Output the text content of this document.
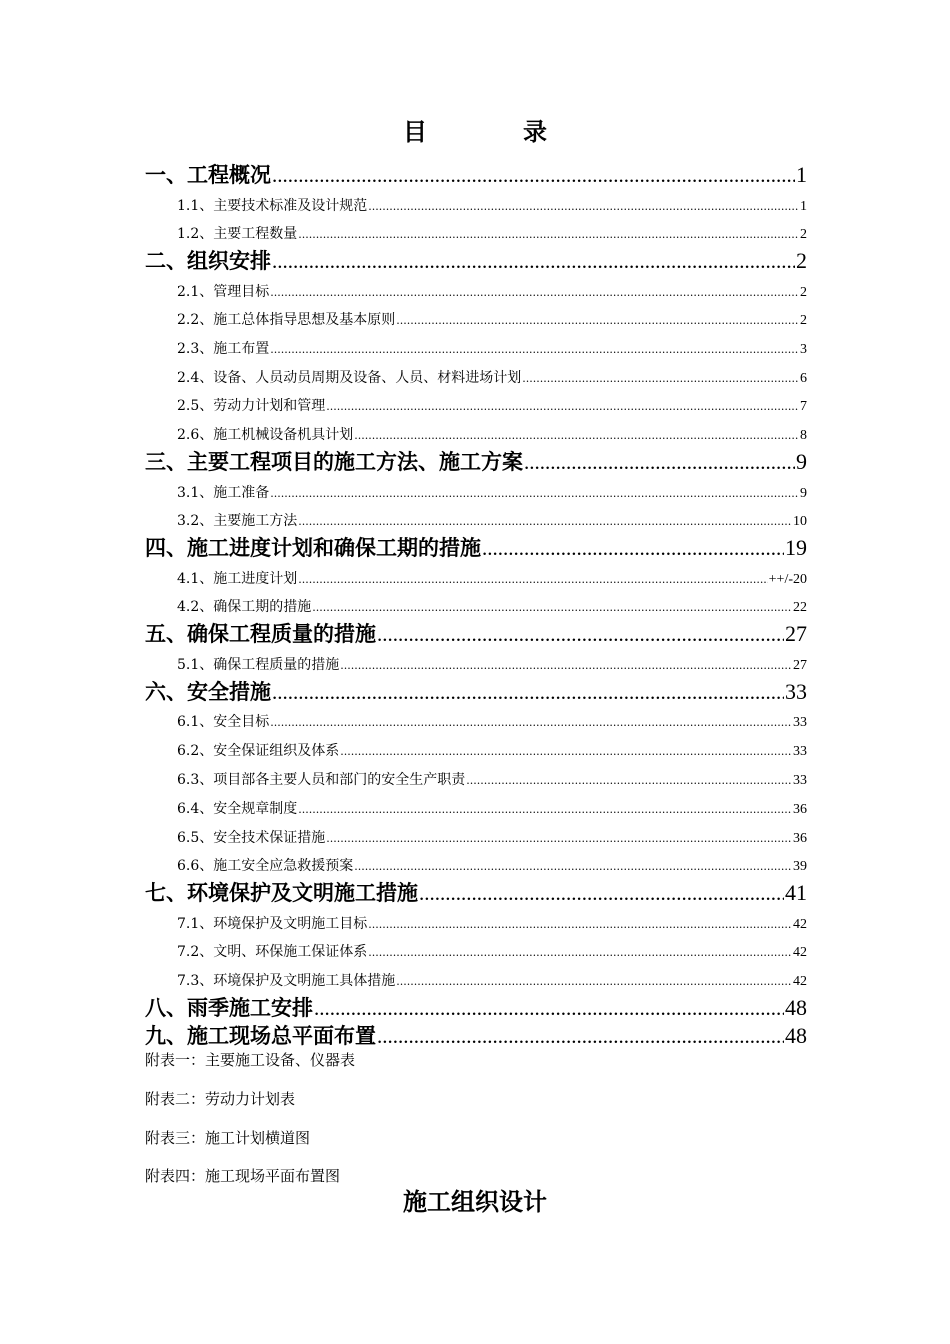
目　录
一、工程概况 .....	1
1.1、主要技术标准及设计规范 .....	1
1.2、主要工程数量 .....	2
二、组织安排 .....	2
2.1、管理目标 .....	2
2.2、施工总体指导思想及基本原则 .....	2
2.3、施工布置 .....	3
2.4、设备、人员动员周期及设备、人员、材料进场计划 .....	6
2.5、劳动力计划和管理 .....	7
2.6、施工机械设备机具计划 .....	8
三、主要工程项目的施工方法、施工方案 .....	9
3.1、施工准备 .....	9
3.2、主要施工方法 .....	10
四、施工进度计划和确保工期的措施 .....	19
4.1、施工进度计划 .....	++/-20
4.2、确保工期的措施 .....	22
五、确保工程质量的措施 .....	27
5.1、确保工程质量的措施 .....	27
六、安全措施 .....	33
6.1、安全目标 .....	33
6.2、安全保证组织及体系 .....	33
6.3、项目部各主要人员和部门的安全生产职责 .....	33
6.4、安全规章制度 .....	36
6.5、安全技术保证措施 .....	36
6.6、施工安全应急救援预案 .....	39
七、环境保护及文明施工措施 .....	41
7.1、环境保护及文明施工目标 .....	42
7.2、文明、环保施工保证体系 .....	42
7.3、环境保护及文明施工具体措施 .....	42
八、雨季施工安排 .....	48
九、施工现场总平面布置 .....	48
附表一：主要施工设备、仪器表
附表二：劳动力计划表
附表三：施工计划横道图
附表四：施工现场平面布置图
施工组织设计
